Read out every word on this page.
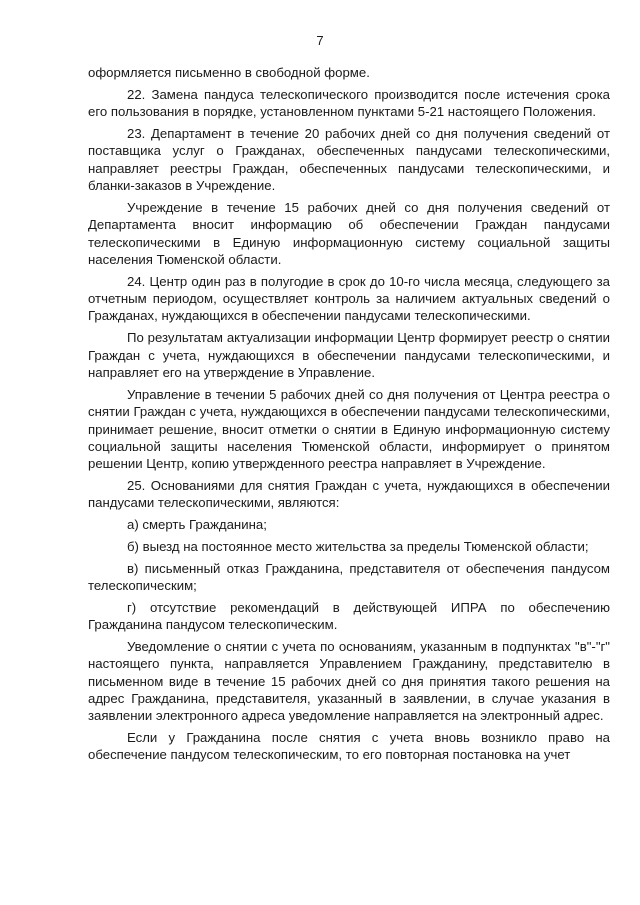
7

оформляется письменно в свободной форме.

22. Замена пандуса телескопического производится после истечения срока его пользования в порядке, установленном пунктами 5-21 настоящего Положения.

23. Департамент в течение 20 рабочих дней со дня получения сведений от поставщика услуг о Гражданах, обеспеченных пандусами телескопическими, направляет реестры Граждан, обеспеченных пандусами телескопическими, и бланки-заказов в Учреждение.

Учреждение в течение 15 рабочих дней со дня получения сведений от Департамента вносит информацию об обеспечении Граждан пандусами телескопическими в Единую информационную систему социальной защиты населения Тюменской области.

24. Центр один раз в полугодие в срок до 10-го числа месяца, следующего за отчетным периодом, осуществляет контроль за наличием актуальных сведений о Гражданах, нуждающихся в обеспечении пандусами телескопическими.

По результатам актуализации информации Центр формирует реестр о снятии Граждан с учета, нуждающихся в обеспечении пандусами телескопическими, и направляет его на утверждение в Управление.

Управление в течении 5 рабочих дней со дня получения от Центра реестра о снятии Граждан с учета, нуждающихся в обеспечении пандусами телескопическими, принимает решение, вносит отметки о снятии в Единую информационную систему социальной защиты населения Тюменской области, информирует о принятом решении Центр, копию утвержденного реестра направляет в Учреждение.

25. Основаниями для снятия Граждан с учета, нуждающихся в обеспечении пандусами телескопическими, являются:

а) смерть Гражданина;

б) выезд на постоянное место жительства за пределы Тюменской области;

в) письменный отказ Гражданина, представителя от обеспечения пандусом телескопическим;

г) отсутствие рекомендаций в действующей ИПРА по обеспечению Гражданина пандусом телескопическим.

Уведомление о снятии с учета по основаниям, указанным в подпунктах "в"-"г" настоящего пункта, направляется Управлением Гражданину, представителю в письменном виде в течение 15 рабочих дней со дня принятия такого решения на адрес Гражданина, представителя, указанный в заявлении, в случае указания в заявлении электронного адреса уведомление направляется на электронный адрес.

Если у Гражданина после снятия с учета вновь возникло право на обеспечение пандусом телескопическим, то его повторная постановка на учет
